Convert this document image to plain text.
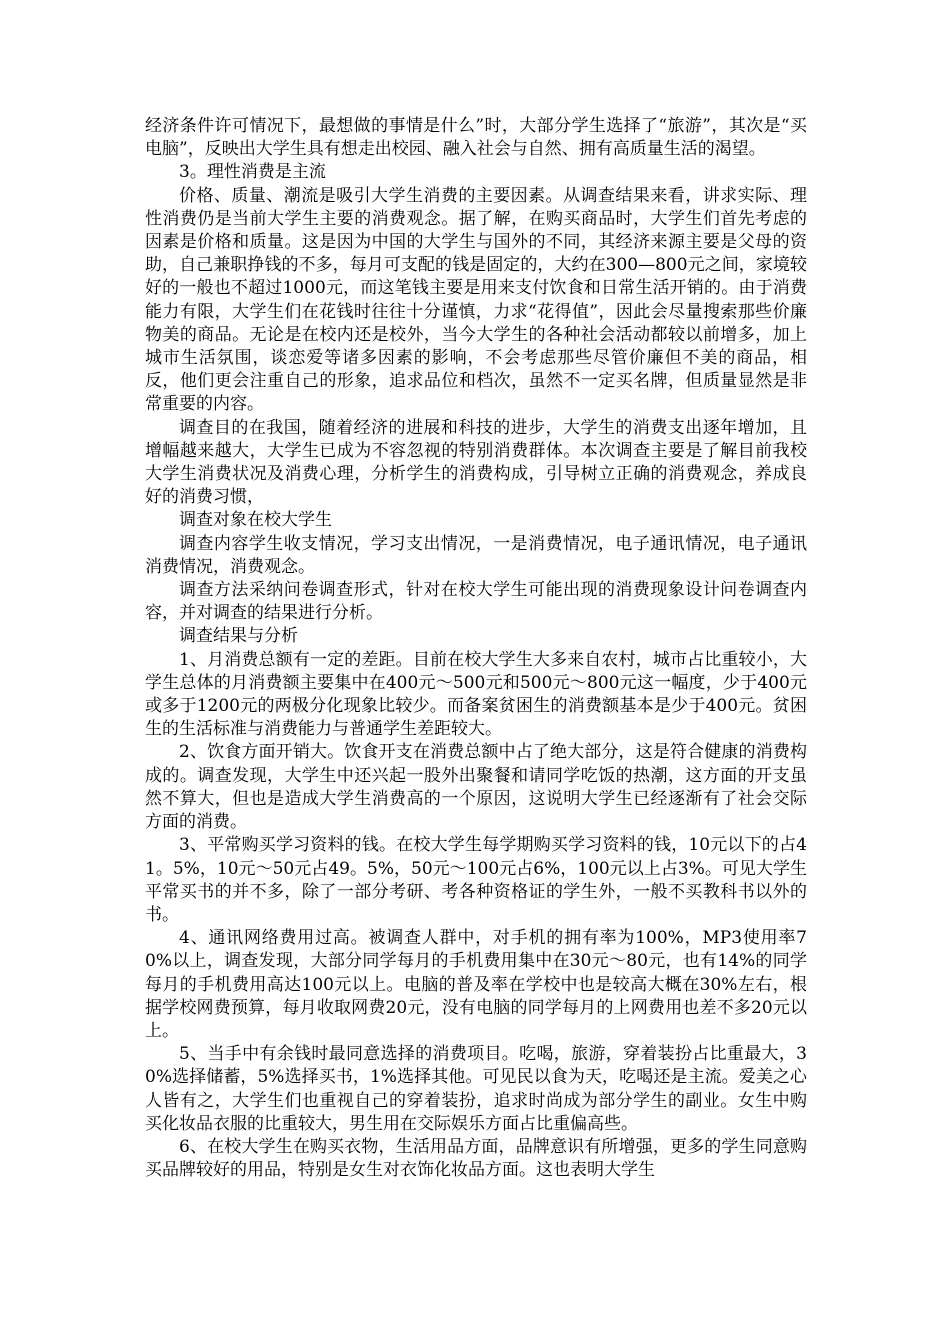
经济条件许可情况下，最想做的事情是什么”时，大部分学生选择了“旅游”，其次是“买电脑”，反映出大学生具有想走出校园、融入社会与自然、拥有高质量生活的渴望。

3。理性消费是主流

价格、质量、潮流是吸引大学生消费的主要因素。从调查结果来看，讲求实际、理性消费仍是当前大学生主要的消费观念。据了解，在购买商品时，大学生们首先考虑的因素是价格和质量。这是因为中国的大学生与国外的不同，其经济来源主要是父母的资助，自己兼职挣钱的不多，每月可支配的钱是固定的，大约在300—800元之间，家境较好的一般也不超过1000元，而这笔钱主要是用来支付饮食和日常生活开销的。由于消费能力有限，大学生们在花钱时往往十分谨慎，力求“花得值”，因此会尽量搜索那些价廉物美的商品。无论是在校内还是校外，当今大学生的各种社会活动都较以前增多，加上城市生活氛围，谈恋爱等诸多因素的影响，不会考虑那些尽管价廉但不美的商品，相反，他们更会注重自己的形象，追求品位和档次，虽然不一定买名牌，但质量显然是非常重要的内容。

调查目的在我国，随着经济的进展和科技的进步，大学生的消费支出逐年增加，且增幅越来越大，大学生已成为不容忽视的特别消费群体。本次调查主要是了解目前我校大学生消费状况及消费心理，分析学生的消费构成，引导树立正确的消费观念，养成良好的消费习惯，

调查对象在校大学生

调查内容学生收支情况，学习支出情况，一是消费情况，电子通讯情况，电子通讯消费情况，消费观念。

调查方法采纳问卷调查形式，针对在校大学生可能出现的消费现象设计问卷调查内容，并对调查的结果进行分析。

调查结果与分析

1、月消费总额有一定的差距。目前在校大学生大多来自农村，城市占比重较小，大学生总体的月消费额主要集中在400元～500元和500元～800元这一幅度，少于400元或多于1200元的两极分化现象比较少。而备案贫困生的消费额基本是少于400元。贫困生的生活标准与消费能力与普通学生差距较大。

2、饮食方面开销大。饮食开支在消费总额中占了绝大部分，这是符合健康的消费构成的。调查发现，大学生中还兴起一股外出聚餐和请同学吃饭的热潮，这方面的开支虽然不算大，但也是造成大学生消费高的一个原因，这说明大学生已经逐渐有了社会交际方面的消费。

3、平常购买学习资料的钱。在校大学生每学期购买学习资料的钱，10元以下的占41。5%，10元～50元占49。5%，50元～100元占6%，100元以上占3%。可见大学生平常买书的并不多，除了一部分考研、考各种资格证的学生外，一般不买教科书以外的书。

4、通讯网络费用过高。被调查人群中，对手机的拥有率为100%，MP3使用率70%以上，调查发现，大部分同学每月的手机费用集中在30元～80元，也有14%的同学每月的手机费用高达100元以上。电脑的普及率在学校中也是较高大概在30%左右，根据学校网费预算，每月收取网费20元，没有电脑的同学每月的上网费用也差不多20元以上。

5、当手中有余钱时最同意选择的消费项目。吃喝，旅游，穿着装扮占比重最大，30%选择储蓄，5%选择买书，1%选择其他。可见民以食为天，吃喝还是主流。爱美之心人皆有之，大学生们也重视自己的穿着装扮，追求时尚成为部分学生的副业。女生中购买化妆品衣服的比重较大，男生用在交际娱乐方面占比重偏高些。

6、在校大学生在购买衣物，生活用品方面，品牌意识有所增强，更多的学生同意购买品牌较好的用品，特别是女生对衣饰化妆品方面。这也表明大学生
